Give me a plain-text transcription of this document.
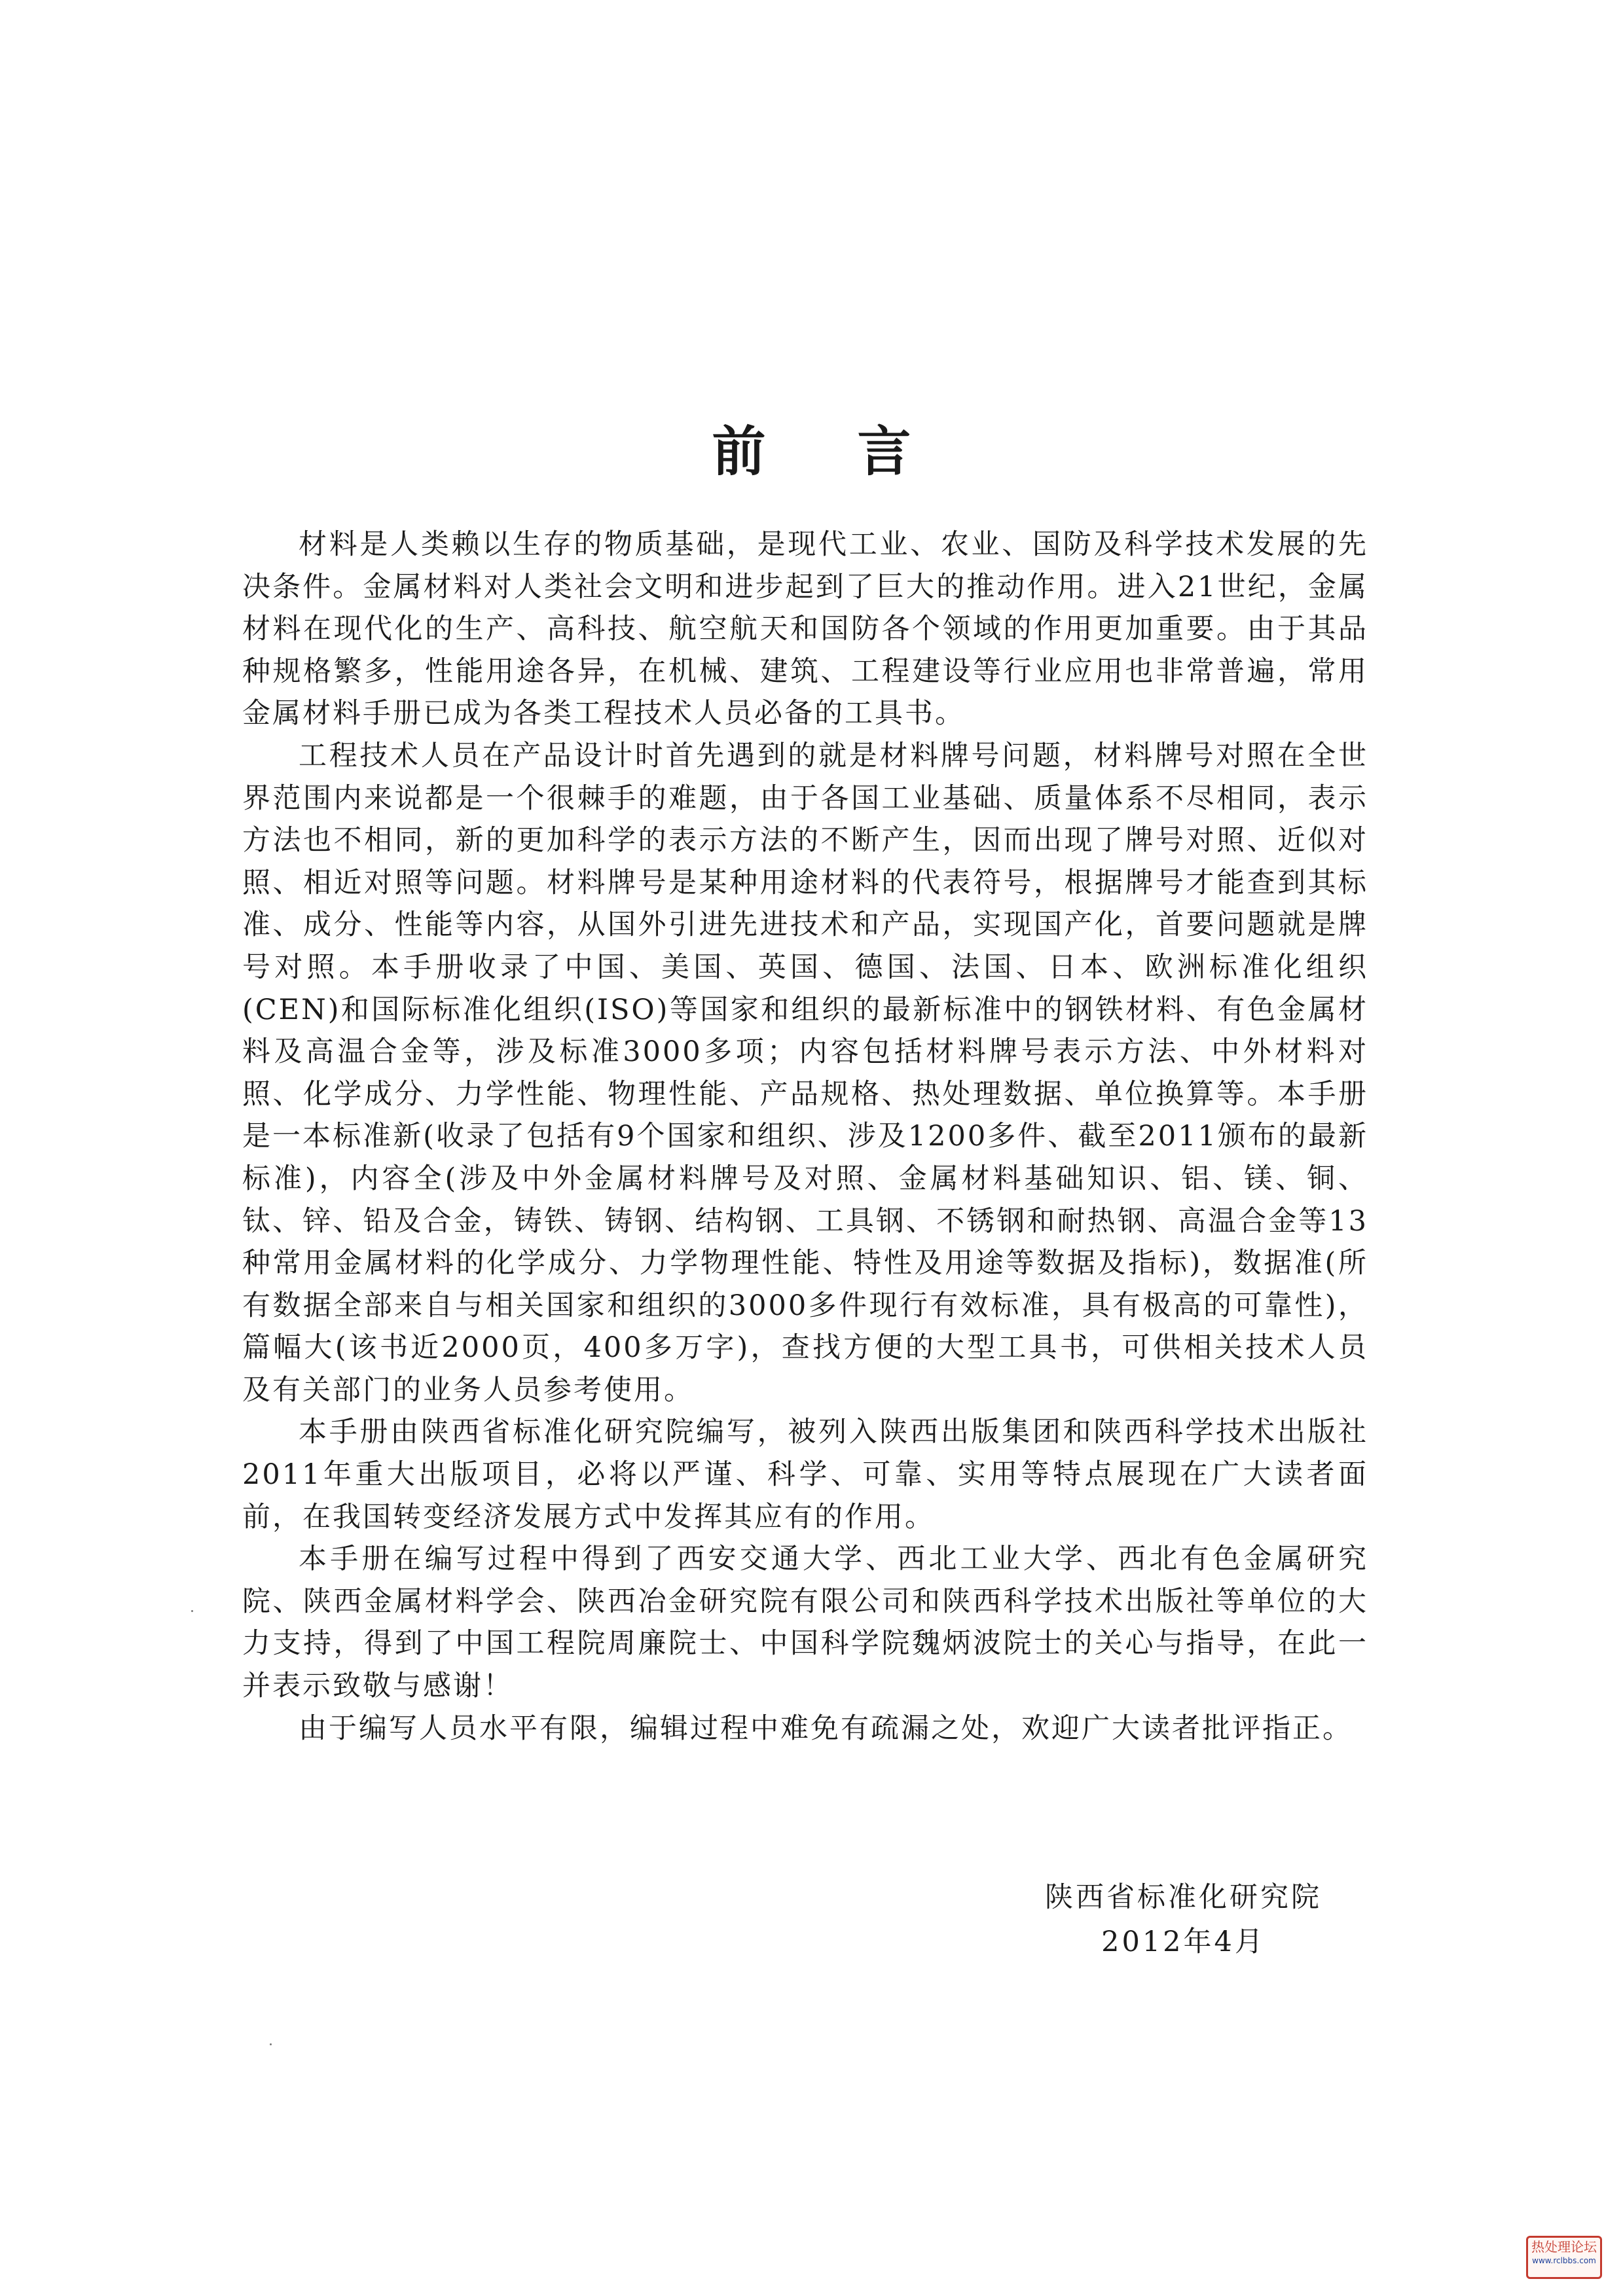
前言

材料是人类赖以生存的物质基础，是现代工业、农业、国防及科学技术发展的先决条件。金属材料对人类社会文明和进步起到了巨大的推动作用。进入21世纪，金属材料在现代化的生产、高科技、航空航天和国防各个领域的作用更加重要。由于其品种规格繁多，性能用途各异，在机械、建筑、工程建设等行业应用也非常普遍，常用金属材料手册已成为各类工程技术人员必备的工具书。

工程技术人员在产品设计时首先遇到的就是材料牌号问题，材料牌号对照在全世界范围内来说都是一个很棘手的难题，由于各国工业基础、质量体系不尽相同，表示方法也不相同，新的更加科学的表示方法的不断产生，因而出现了牌号对照、近似对照、相近对照等问题。材料牌号是某种用途材料的代表符号，根据牌号才能查到其标准、成分、性能等内容，从国外引进先进技术和产品，实现国产化，首要问题就是牌号对照。本手册收录了中国、美国、英国、德国、法国、日本、欧洲标准化组织(CEN)和国际标准化组织(ISO)等国家和组织的最新标准中的钢铁材料、有色金属材料及高温合金等，涉及标准3000多项；内容包括材料牌号表示方法、中外材料对照、化学成分、力学性能、物理性能、产品规格、热处理数据、单位换算等。本手册是一本标准新(收录了包括有9个国家和组织、涉及1200多件、截至2011颁布的最新标准)，内容全(涉及中外金属材料牌号及对照、金属材料基础知识、铝、镁、铜、钛、锌、铅及合金，铸铁、铸钢、结构钢、工具钢、不锈钢和耐热钢、高温合金等13种常用金属材料的化学成分、力学物理性能、特性及用途等数据及指标)，数据准(所有数据全部来自与相关国家和组织的3000多件现行有效标准，具有极高的可靠性)，篇幅大(该书近2000页，400多万字)，查找方便的大型工具书，可供相关技术人员及有关部门的业务人员参考使用。

本手册由陕西省标准化研究院编写，被列入陕西出版集团和陕西科学技术出版社2011年重大出版项目，必将以严谨、科学、可靠、实用等特点展现在广大读者面前，在我国转变经济发展方式中发挥其应有的作用。

本手册在编写过程中得到了西安交通大学、西北工业大学、西北有色金属研究院、陕西金属材料学会、陕西冶金研究院有限公司和陕西科学技术出版社等单位的大力支持，得到了中国工程院周廉院士、中国科学院魏炳波院士的关心与指导，在此一并表示致敬与感谢！

由于编写人员水平有限，编辑过程中难免有疏漏之处，欢迎广大读者批评指正。

陕西省标准化研究院
2012年4月
热处理论坛
www.rclbbs.com
